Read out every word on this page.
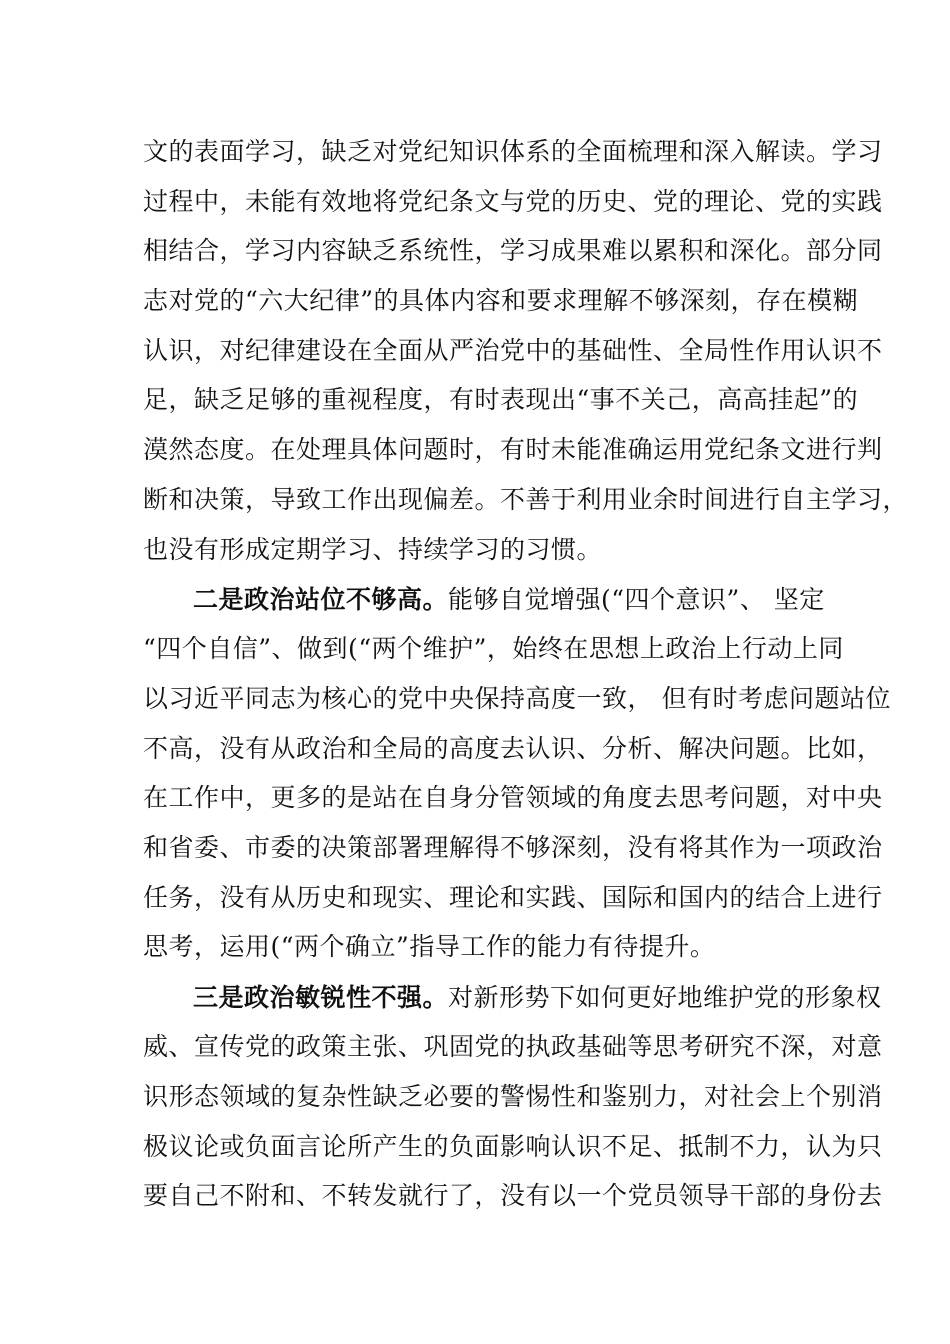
文的表面学习，缺乏对党纪知识体系的全面梳理和深入解读。学习
过程中，未能有效地将党纪条文与党的历史、党的理论、党的实践
相结合，学习内容缺乏系统性，学习成果难以累积和深化。部分同
志对党的“六大纪律”的具体内容和要求理解不够深刻，存在模糊
认识，对纪律建设在全面从严治党中的基础性、全局性作用认识不
足，缺乏足够的重视程度，有时表现出“事不关己，高高挂起”的
漠然态度。在处理具体问题时，有时未能准确运用党纪条文进行判
断和决策，导致工作出现偏差。不善于利用业余时间进行自主学习，
也没有形成定期学习、持续学习的习惯。
二是政治站位不够高。能够自觉增强(“四个意识”、 坚定
“四个自信”、做到(“两个维护”，始终在思想上政治上行动上同
以习近平同志为核心的党中央保持高度一致， 但有时考虑问题站位
不高，没有从政治和全局的高度去认识、分析、解决问题。比如，
在工作中，更多的是站在自身分管领域的角度去思考问题，对中央
和省委、市委的决策部署理解得不够深刻，没有将其作为一项政治
任务，没有从历史和现实、理论和实践、国际和国内的结合上进行
思考，运用(“两个确立”指导工作的能力有待提升。
三是政治敏锐性不强。对新形势下如何更好地维护党的形象权
威、宣传党的政策主张、巩固党的执政基础等思考研究不深，对意
识形态领域的复杂性缺乏必要的警惕性和鉴别力，对社会上个别消
极议论或负面言论所产生的负面影响认识不足、抵制不力，认为只
要自己不附和、不转发就行了，没有以一个党员领导干部的身份去
